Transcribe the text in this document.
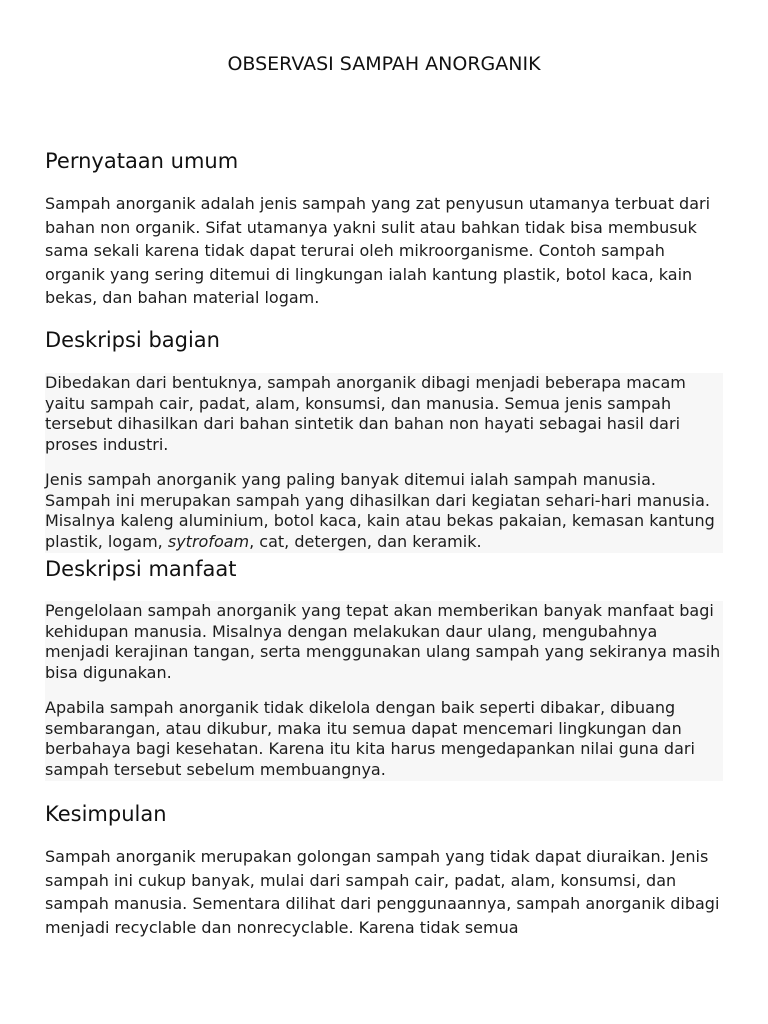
OBSERVASI SAMPAH ANORGANIK
Pernyataan umum
Sampah anorganik adalah jenis sampah yang zat penyusun utamanya terbuat dari bahan non organik. Sifat utamanya yakni sulit atau bahkan tidak bisa membusuk sama sekali karena tidak dapat terurai oleh mikroorganisme. Contoh sampah organik yang sering ditemui di lingkungan ialah kantung plastik, botol kaca, kain bekas, dan bahan material logam.
Deskripsi bagian
Dibedakan dari bentuknya, sampah anorganik dibagi menjadi beberapa macam yaitu sampah cair, padat, alam, konsumsi, dan manusia. Semua jenis sampah tersebut dihasilkan dari bahan sintetik dan bahan non hayati sebagai hasil dari proses industri.
Jenis sampah anorganik yang paling banyak ditemui ialah sampah manusia. Sampah ini merupakan sampah yang dihasilkan dari kegiatan sehari-hari manusia. Misalnya kaleng aluminium, botol kaca, kain atau bekas pakaian, kemasan kantung plastik, logam, sytrofoam, cat, detergen, dan keramik.
Deskripsi manfaat
Pengelolaan sampah anorganik yang tepat akan memberikan banyak manfaat bagi kehidupan manusia. Misalnya dengan melakukan daur ulang, mengubahnya menjadi kerajinan tangan, serta menggunakan ulang sampah yang sekiranya masih bisa digunakan.
Apabila sampah anorganik tidak dikelola dengan baik seperti dibakar, dibuang sembarangan, atau dikubur, maka itu semua dapat mencemari lingkungan dan berbahaya bagi kesehatan. Karena itu kita harus mengedapankan nilai guna dari sampah tersebut sebelum membuangnya.
Kesimpulan
Sampah anorganik merupakan golongan sampah yang tidak dapat diuraikan. Jenis sampah ini cukup banyak, mulai dari sampah cair, padat, alam, konsumsi, dan sampah manusia. Sementara dilihat dari penggunaannya, sampah anorganik dibagi menjadi recyclable dan nonrecyclable. Karena tidak semua
